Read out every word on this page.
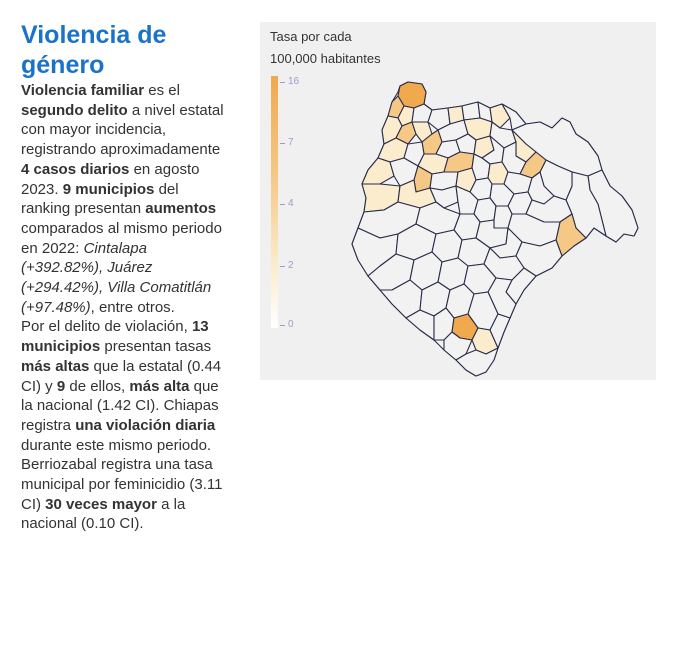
Violencia de género

Violencia familiar es el segundo delito a nivel estatal con mayor incidencia, registrando aproximadamente 4 casos diarios en agosto 2023. 9 municipios del ranking presentan aumentos comparados al mismo periodo en 2022: Cintalapa (+392.82%), Juárez (+294.42%), Villa Comatitlán (+97.48%), entre otros.

Por el delito de violación, 13 municipios presentan tasas más altas que la estatal (0.44 CI) y 9 de ellos, más alta que la nacional (1.42 CI). Chiapas registra una violación diaria durante este mismo periodo.

Berriozabal registra una tasa municipal por feminicidio (3.11 CI) 30 veces mayor a la nacional (0.10 CI).

Tasa por cada
100,000 habitantes
16
7
4
2
0
